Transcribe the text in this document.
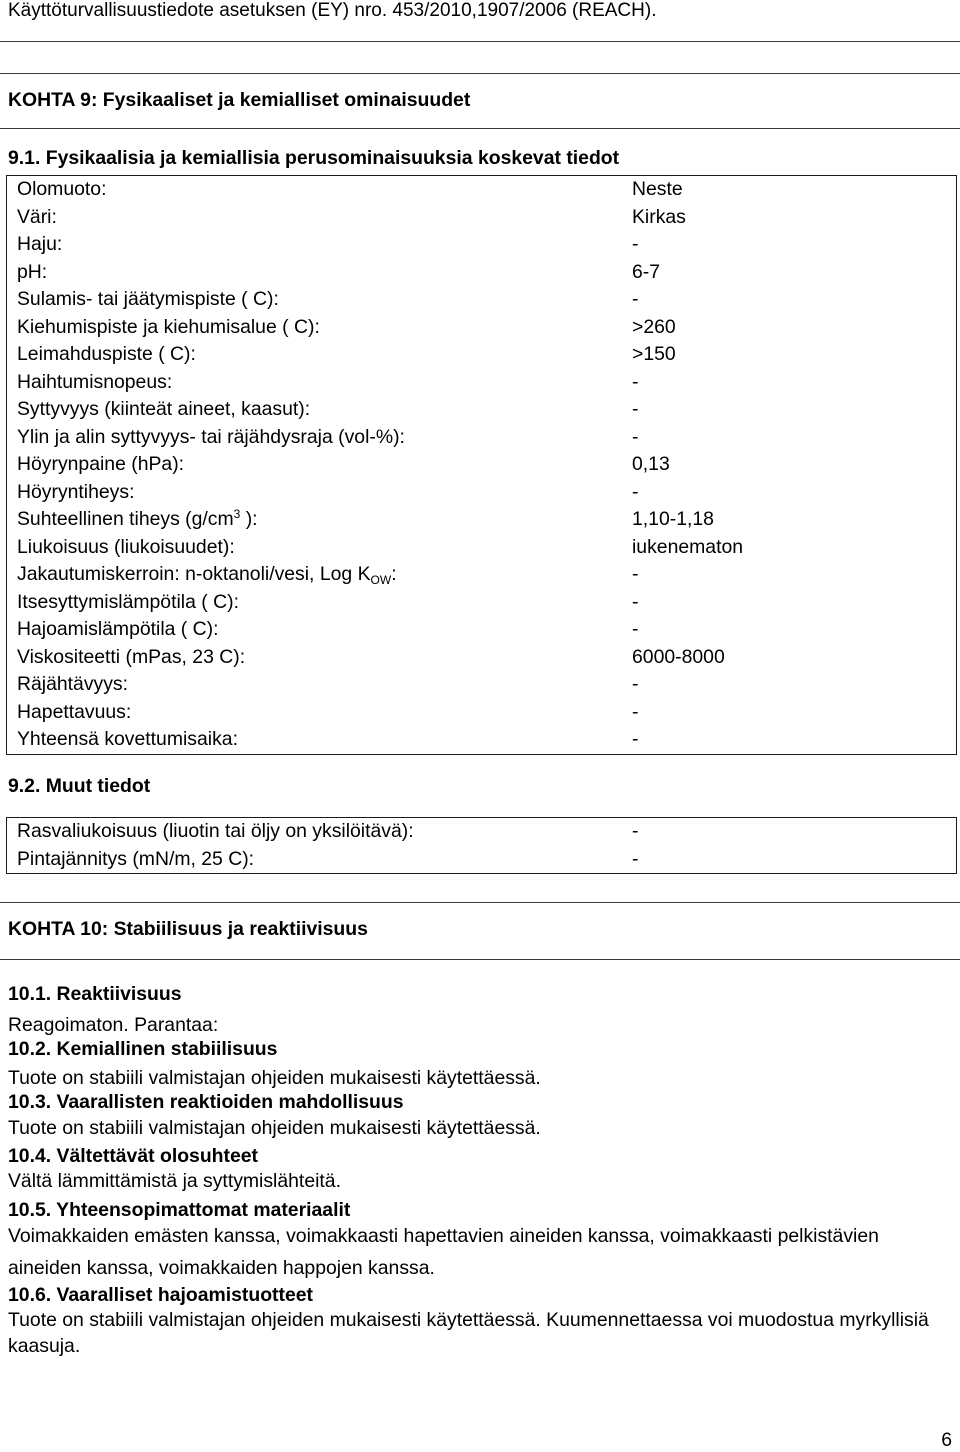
Käyttöturvallisuustiedote asetuksen (EY) nro. 453/2010,1907/2006 (REACH).
KOHTA 9: Fysikaaliset ja kemialliset ominaisuudet
9.1. Fysikaalisia ja kemiallisia perusominaisuuksia koskevat tiedot
Olomuoto:	Neste
Väri:	Kirkas
Haju:	-
pH:	6-7
Sulamis- tai jäätymispiste ( C):	-
Kiehumispiste ja kiehumisalue ( C):	>260
Leimahduspiste ( C):	>150
Haihtumisnopeus:	-
Syttyvyys (kiinteät aineet, kaasut):	-
Ylin ja alin syttyvyys- tai räjähdysraja (vol-%):	-
Höyrynpaine (hPa):	0,13
Höyryntiheys:	-
Suhteellinen tiheys ($g/cm^3$ ):	1,10-1,18
Liukoisuus (liukoisuudet):	iukenematon
Jakautumiskerroin: n-oktanoli/vesi, Log $K_{OW}$:	-
Itsesyttymislämpötila ( C):	-
Hajoamislämpötila ( C):	-
Viskositeetti (mPas, 23 C):	6000-8000
Räjähtävyys:	-
Hapettavuus:	-
Yhteensä kovettumisaika:	-
9.2. Muut tiedot
Rasvaliukoisuus (liuotin tai öljy on yksilöitävä):	-
Pintajännitys (mN/m, 25 C):	-
KOHTA 10: Stabiilisuus ja reaktiivisuus
10.1. Reaktiivisuus
Reagoimaton. Parantaa:
10.2. Kemiallinen stabiilisuus
Tuote on stabiili valmistajan ohjeiden mukaisesti käytettäessä.
10.3. Vaarallisten reaktioiden mahdollisuus
Tuote on stabiili valmistajan ohjeiden mukaisesti käytettäessä.
10.4. Vältettävät olosuhteet
Vältä lämmittämistä ja syttymislähteitä.
10.5. Yhteensopimattomat materiaalit
Voimakkaiden emästen kanssa, voimakkaasti hapettavien aineiden kanssa, voimakkaasti pelkistävien
aineiden kanssa, voimakkaiden happojen kanssa.
10.6. Vaaralliset hajoamistuotteet
Tuote on stabiili valmistajan ohjeiden mukaisesti käytettäessä. Kuumennettaessa voi muodostua myrkyllisiä
kaasuja.
6
